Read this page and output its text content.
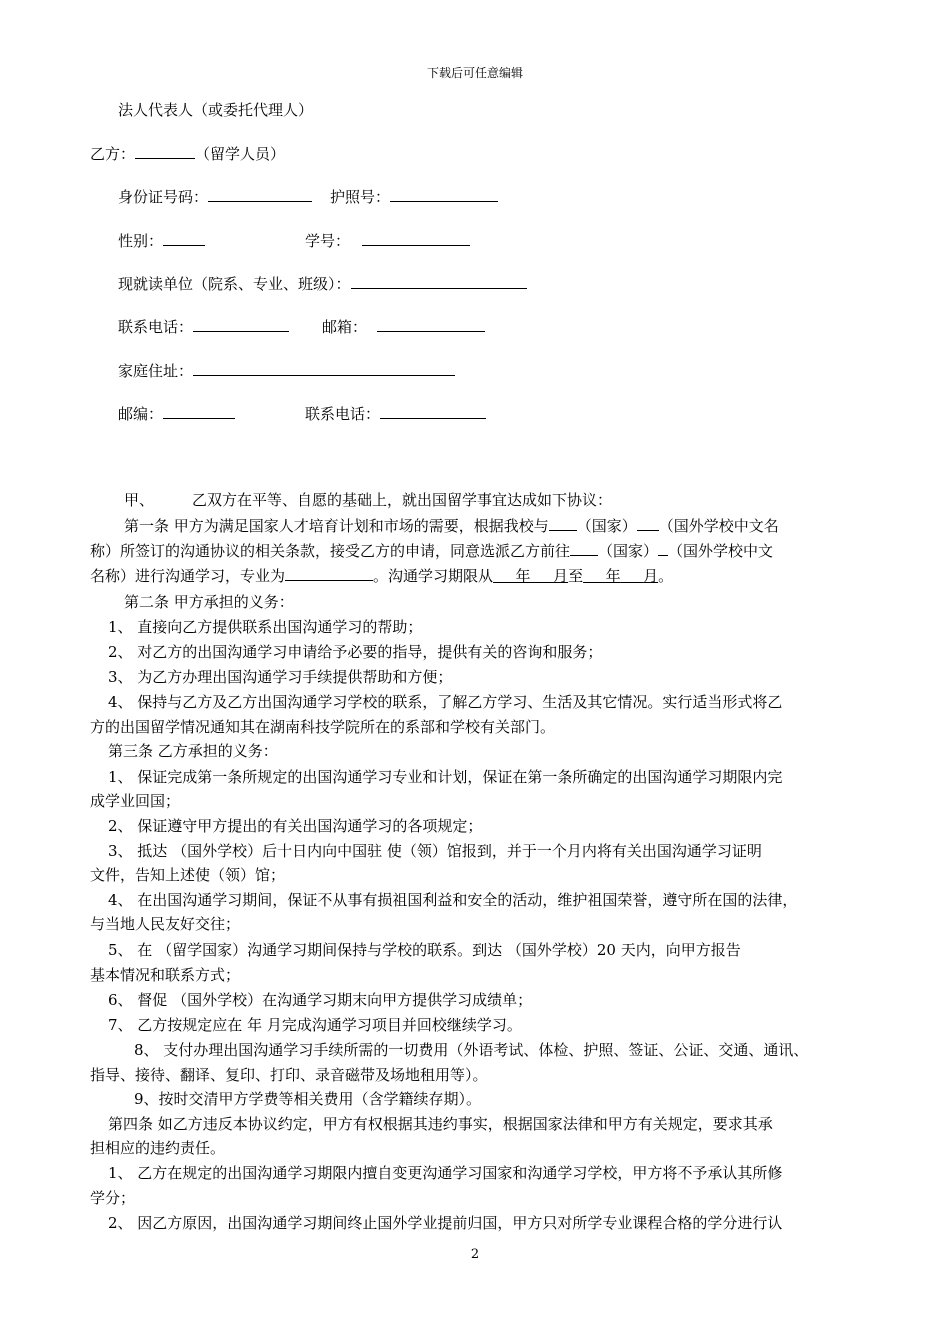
下载后可任意编辑
法人代表人（或委托代理人）
乙方：	（留学人员）
身份证号码：	护照号：
性别：	学号：
现就读单位（院系、专业、班级）：
联系电话：	邮箱：
家庭住址：
邮编：	联系电话：
甲、	乙双方在平等、自愿的基础上，就出国留学事宜达成如下协议：
第一条 甲方为满足国家人才培育计划和市场的需要，根据我校与 （国家） （国外学校中文名
称）所签订的沟通协议的相关条款，接受乙方的申请，同意选派乙方前往 （国家） （国外学校中文
名称）进行沟通学习，专业为	。沟通学习期限从    年    月至    年    月。
第二条 甲方承担的义务：
1、 直接向乙方提供联系出国沟通学习的帮助；
2、 对乙方的出国沟通学习申请给予必要的指导，提供有关的咨询和服务；
3、 为乙方办理出国沟通学习手续提供帮助和方便；
4、 保持与乙方及乙方出国沟通学习学校的联系，了解乙方学习、生活及其它情况。实行适当形式将乙
方的出国留学情况通知其在湖南科技学院所在的系部和学校有关部门。
第三条 乙方承担的义务：
1、 保证完成第一条所规定的出国沟通学习专业和计划，保证在第一条所确定的出国沟通学习期限内完
成学业回国；
2、 保证遵守甲方提出的有关出国沟通学习的各项规定；
3、 抵达 （国外学校）后十日内向中国驻 使（领）馆报到，并于一个月内将有关出国沟通学习证明
文件，告知上述使（领）馆；
4、 在出国沟通学习期间，保证不从事有损祖国利益和安全的活动，维护祖国荣誉，遵守所在国的法律，
与当地人民友好交往；
5、 在 （留学国家）沟通学习期间保持与学校的联系。到达 （国外学校）20 天内，向甲方报告
基本情况和联系方式；
6、 督促 （国外学校）在沟通学习期末向甲方提供学习成绩单；
7、 乙方按规定应在 年 月完成沟通学习项目并回校继续学习。
8、 支付办理出国沟通学习手续所需的一切费用（外语考试、体检、护照、签证、公证、交通、通讯、
指导、接待、翻译、复印、打印、录音磁带及场地租用等）。
9、按时交清甲方学费等相关费用（含学籍续存期）。
第四条 如乙方违反本协议约定，甲方有权根据其违约事实，根据国家法律和甲方有关规定，要求其承
担相应的违约责任。
1、 乙方在规定的出国沟通学习期限内擅自变更沟通学习国家和沟通学习学校，甲方将不予承认其所修
学分；
2、 因乙方原因，出国沟通学习期间终止国外学业提前归国，甲方只对所学专业课程合格的学分进行认
2
